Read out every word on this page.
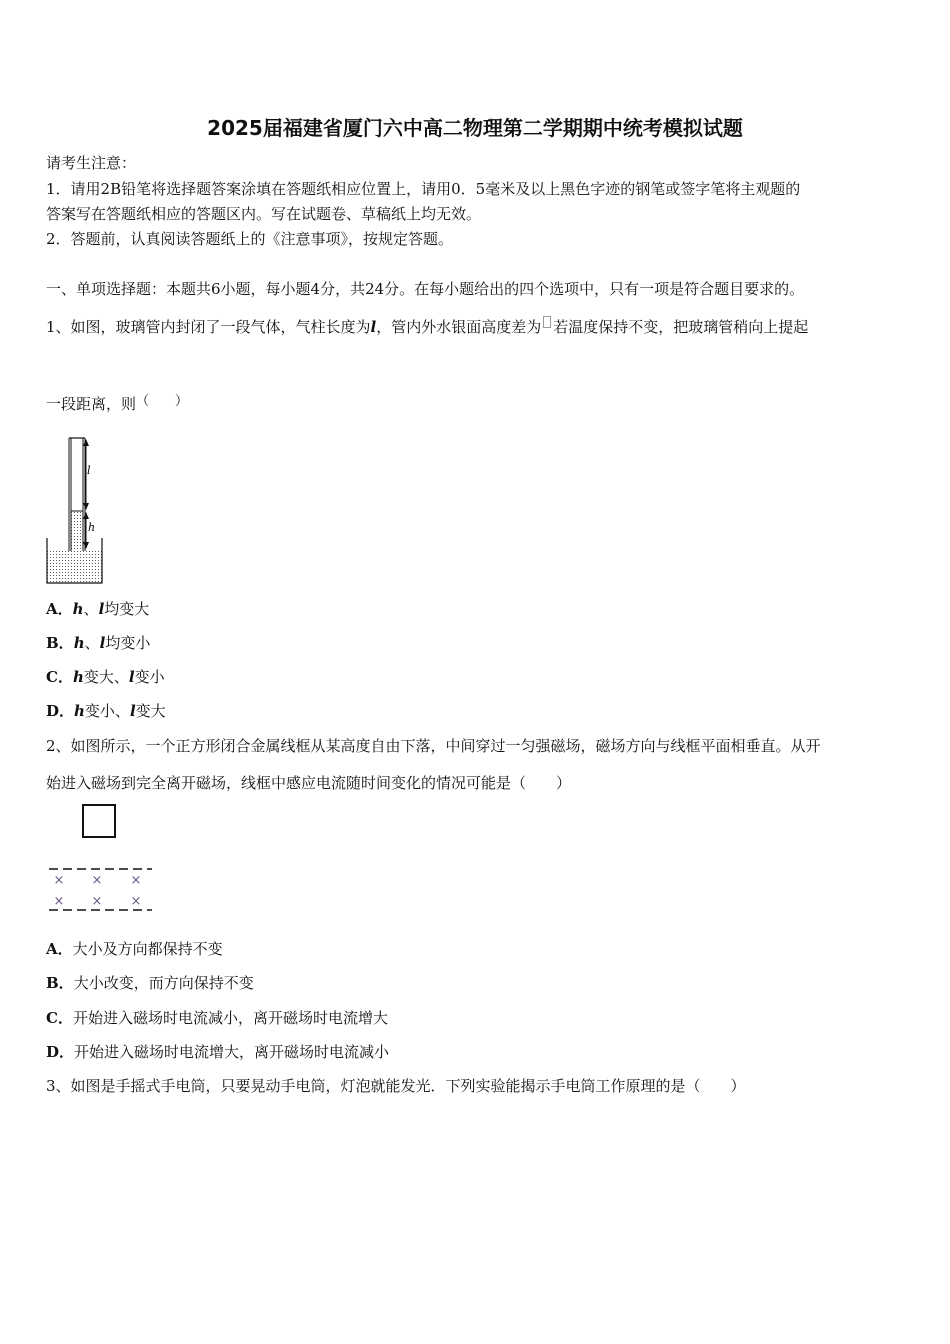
2025届福建省厦门六中高二物理第二学期期中统考模拟试题
请考生注意：
1．请用2B铅笔将选择题答案涂填在答题纸相应位置上，请用0．5毫米及以上黑色字迹的钢笔或签字笔将主观题的
答案写在答题纸相应的答题区内。写在试题卷、草稿纸上均无效。
2．答题前，认真阅读答题纸上的《注意事项》，按规定答题。
一、单项选择题：本题共6小题，每小题4分，共24分。在每小题给出的四个选项中，只有一项是符合题目要求的。
1、如图，玻璃管内封闭了一段气体，气柱长度为l，管内外水银面高度差为 若温度保持不变，把玻璃管稍向上提起
一段距离，则（　　）
l
h
A．h、l均变大
B．h、l均变小
C．h变大、l变小
D．h变小、l变大
2、如图所示，一个正方形闭合金属线框从某高度自由下落，中间穿过一匀强磁场，磁场方向与线框平面相垂直。从开
始进入磁场到完全离开磁场，线框中感应电流随时间变化的情况可能是（　　）
× × ×
× × ×
A．大小及方向都保持不变
B．大小改变，而方向保持不变
C．开始进入磁场时电流减小，离开磁场时电流增大
D．开始进入磁场时电流增大，离开磁场时电流减小
3、如图是手摇式手电筒，只要晃动手电筒，灯泡就能发光．下列实验能揭示手电筒工作原理的是（　　）
